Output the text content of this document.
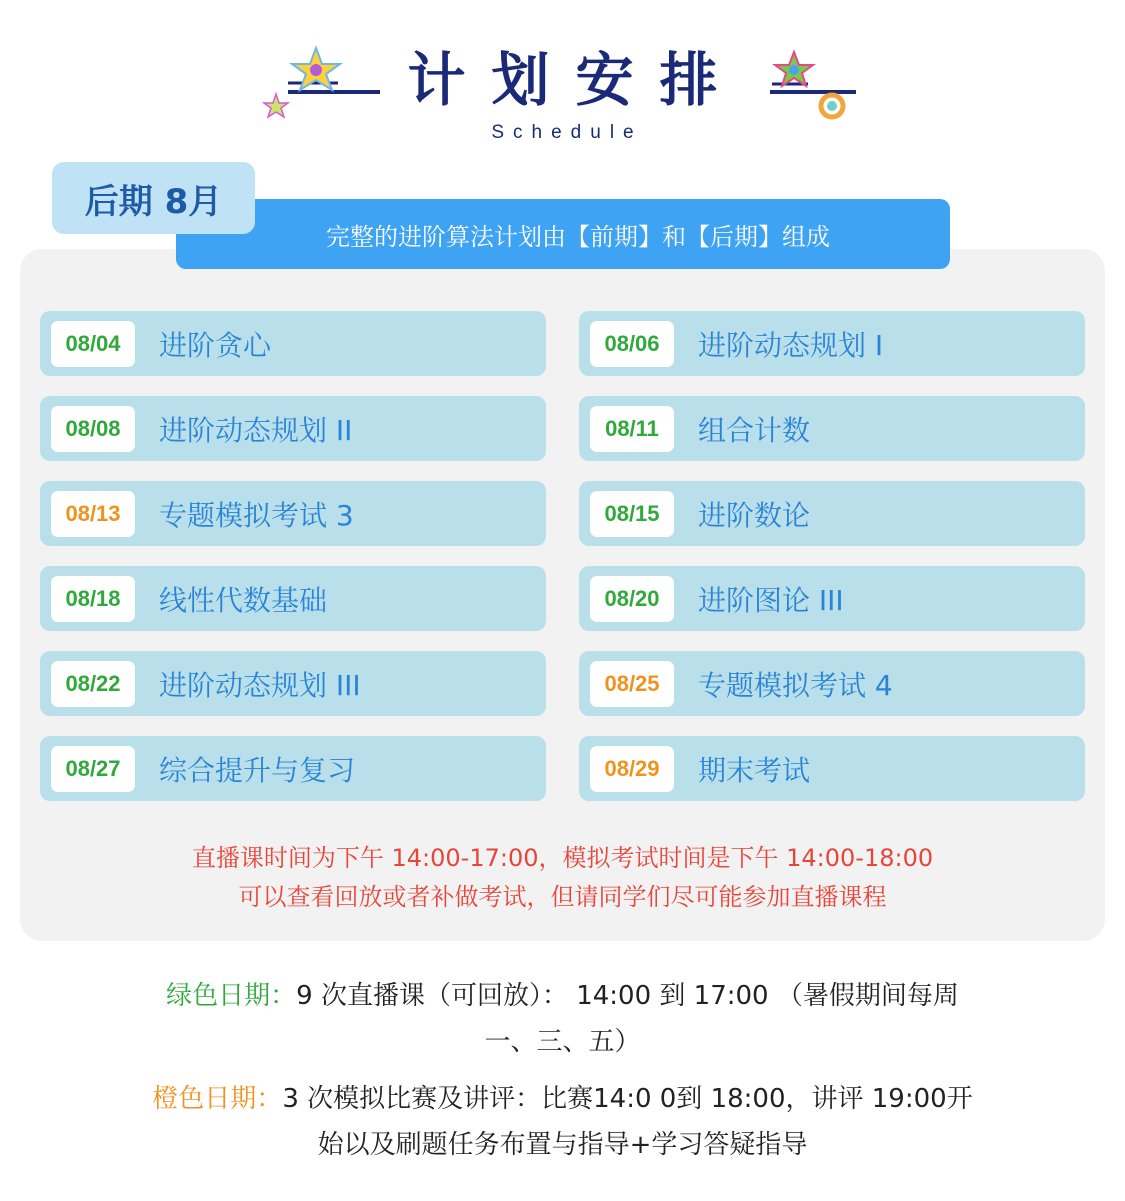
计划安排
Schedule
后期 8月
完整的进阶算法计划由【前期】和【后期】组成
08/04	进阶贪心	08/06	进阶动态规划 I
08/08	进阶动态规划 II	08/11	组合计数
08/13	专题模拟考试 3	08/15	进阶数论
08/18	线性代数基础	08/20	进阶图论 III
08/22	进阶动态规划 III	08/25	专题模拟考试 4
08/27	综合提升与复习	08/29	期末考试
直播课时间为下午 14:00-17:00，模拟考试时间是下午 14:00-18:00
可以查看回放或者补做考试，但请同学们尽可能参加直播课程
绿色日期：9 次直播课（可回放）： 14:00 到 17:00 （暑假期间每周
一、三、五）
橙色日期：3 次模拟比赛及讲评：比赛14:0 0到 18:00，讲评 19:00开
始以及刷题任务布置与指导+学习答疑指导
